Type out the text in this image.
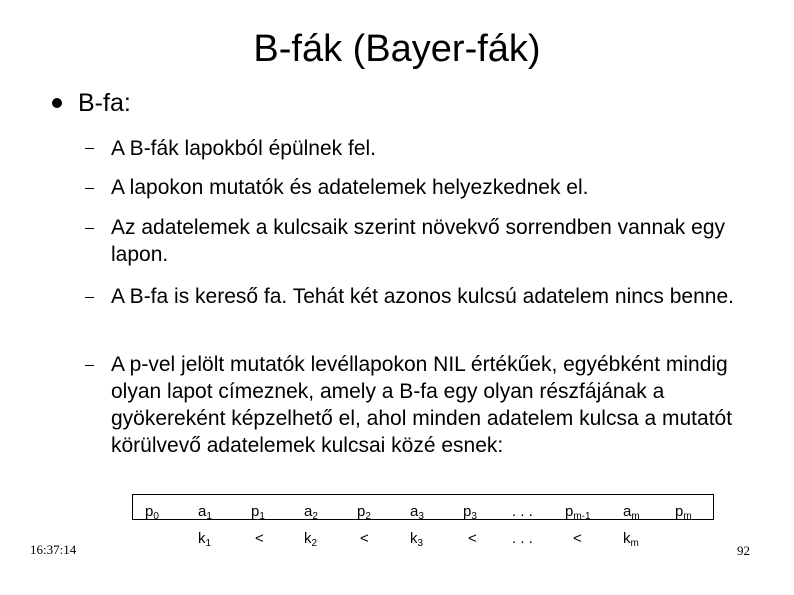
B-fák (Bayer-fák)
B-fa:
A B-fák lapokból épülnek fel.
A lapokon mutatók és adatelemek helyezkednek el.
Az adatelemek a kulcsaik szerint növekvő sorrendben vannak egy lapon.
A B-fa is kereső fa. Tehát két azonos kulcsú adatelem nincs benne.
A p-vel jelölt mutatók levéllapokon NIL értékűek, egyébként mindig olyan lapot címeznek, amely a B-fa egy olyan részfájának a gyökereként képzelhető el, ahol minden adatelem kulcsa a mutatót körülvevő adatelemek kulcsai közé esnek:
$p_0$	$a_1$	$p_1$	$a_2$	$p_2$	$a_3$	$p_3$ . . . $p_{m-1}$ $a_m$ $p_m$
$k_1$	<	$k_2$	<	$k_3$	< . . .	<	$k_m$
16:37:14	92
